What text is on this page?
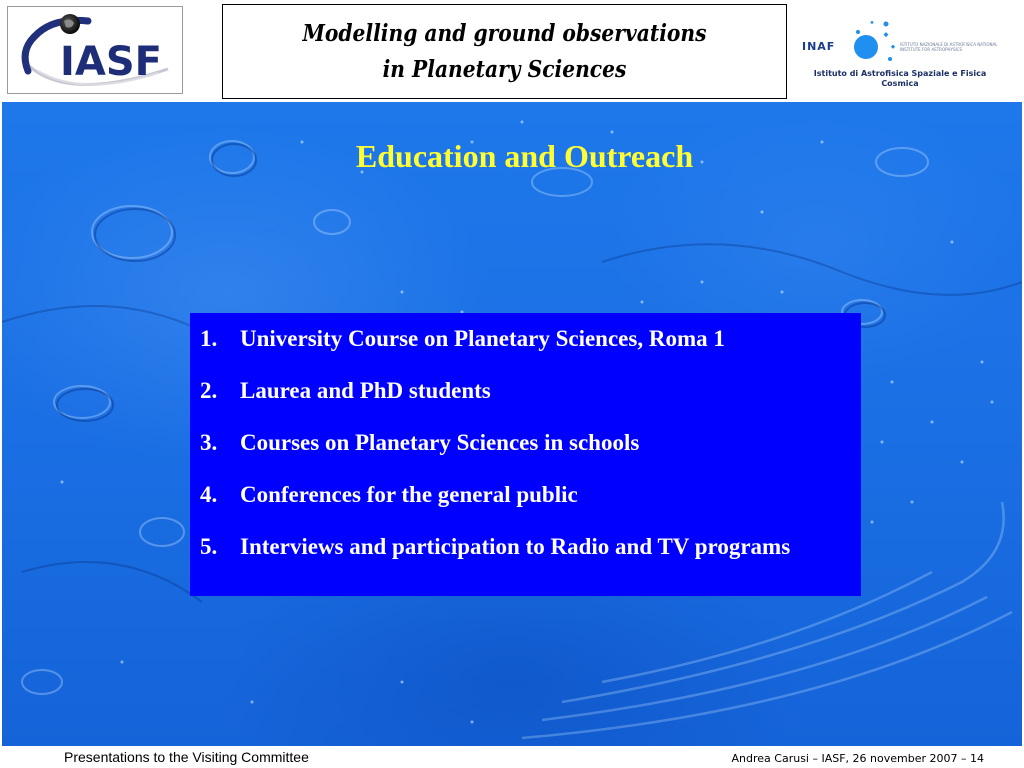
IASF
Modelling and ground observations in Planetary Sciences
INAF	ISTITUTO NAZIONALE DI ASTROFISICA NATIONAL INSTITUTE FOR ASTROPHYSICS
Istituto di Astrofisica Spaziale e Fisica Cosmica
Education and Outreach
1. University Course on Planetary Sciences, Roma 1
2. Laurea and PhD students
3. Courses on Planetary Sciences in schools
4. Conferences for the general public
5. Interviews and participation to Radio and TV programs
Presentations to the Visiting Committee	Andrea Carusi – IASF, 26 november 2007 – 14
